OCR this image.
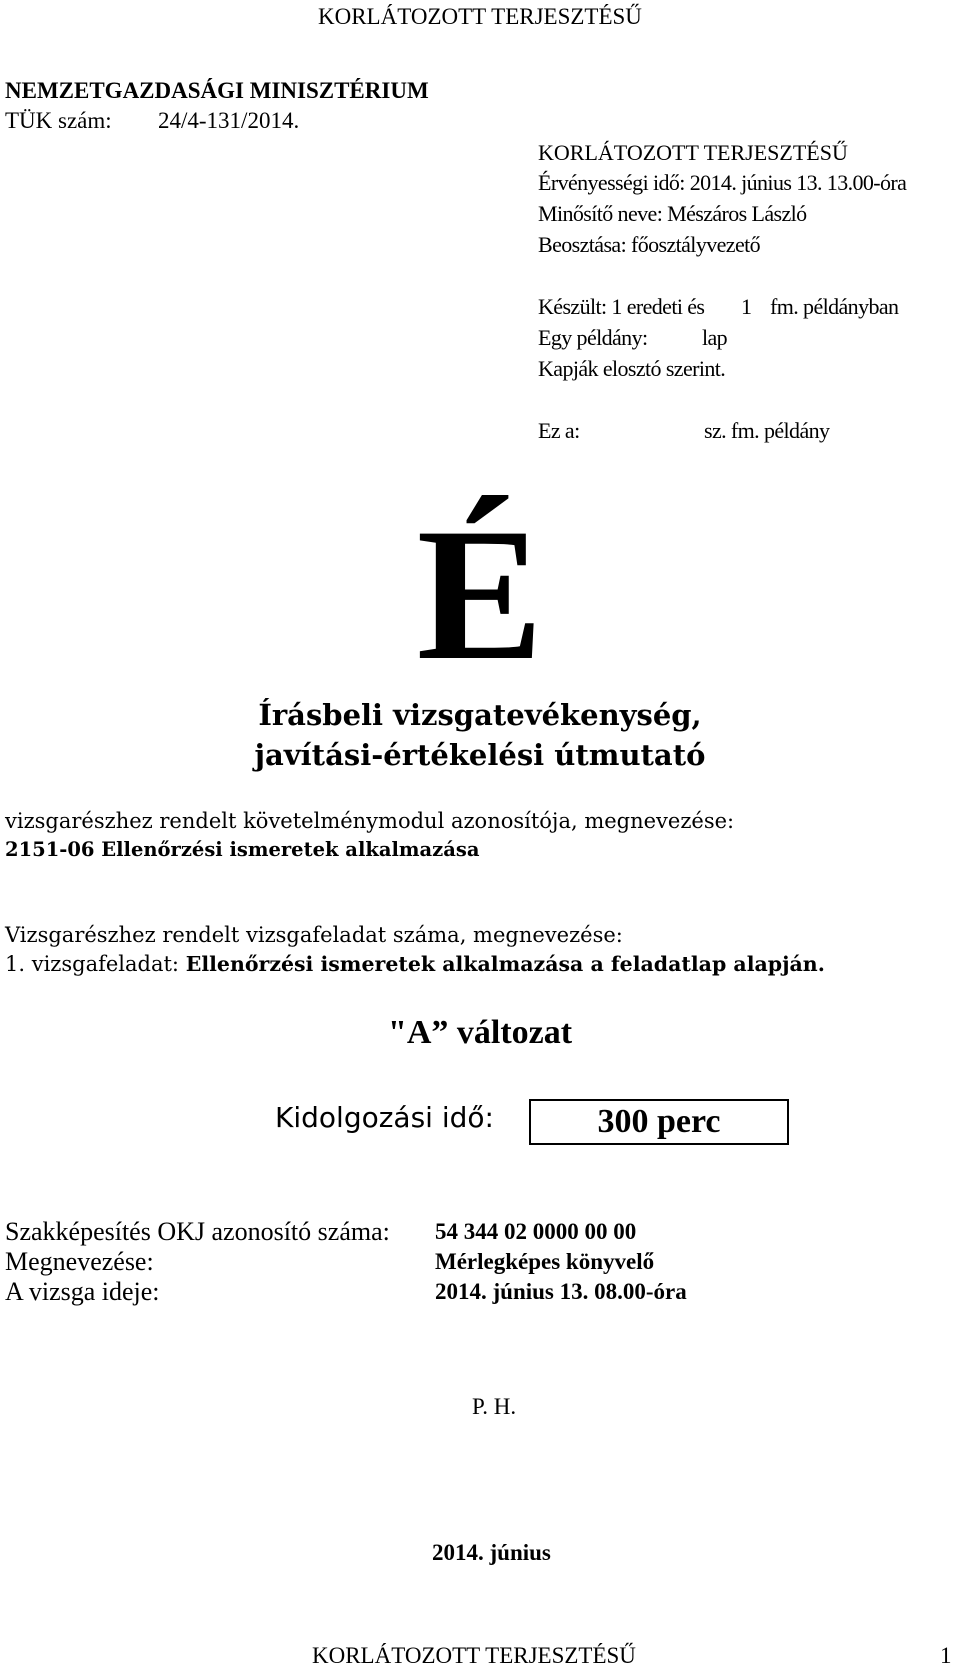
KORLÁTOZOTT TERJESZTÉSŰ
NEMZETGAZDASÁGI MINISZTÉRIUM
TÜK szám: 24/4-131/2014.
KORLÁTOZOTT TERJESZTÉSŰ
Érvényességi idő: 2014. június 13. 13.00-óra
Minősítő neve: Mészáros László
Beosztása: főosztályvezető
Készült: 1 eredeti és 1 fm. példányban
Egy példány: lap
Kapják elosztó szerint.
Ez a:	sz. fm. példány
É
Írásbeli vizsgatevékenység,
javítási-értékelési útmutató
vizsgarészhez rendelt követelménymodul azonosítója, megnevezése:
2151-06 Ellenőrzési ismeretek alkalmazása
Vizsgarészhez rendelt vizsgafeladat száma, megnevezése:
1. vizsgafeladat: Ellenőrzési ismeretek alkalmazása a feladatlap alapján.
"A” változat
Kidolgozási idő:	300 perc
Szakképesítés OKJ azonosító száma: 54 344 02 0000 00 00
Megnevezése:	Mérlegképes könyvelő
A vizsga ideje:	2014. június 13. 08.00-óra
P. H.
2014. június
KORLÁTOZOTT TERJESZTÉSŰ	1
